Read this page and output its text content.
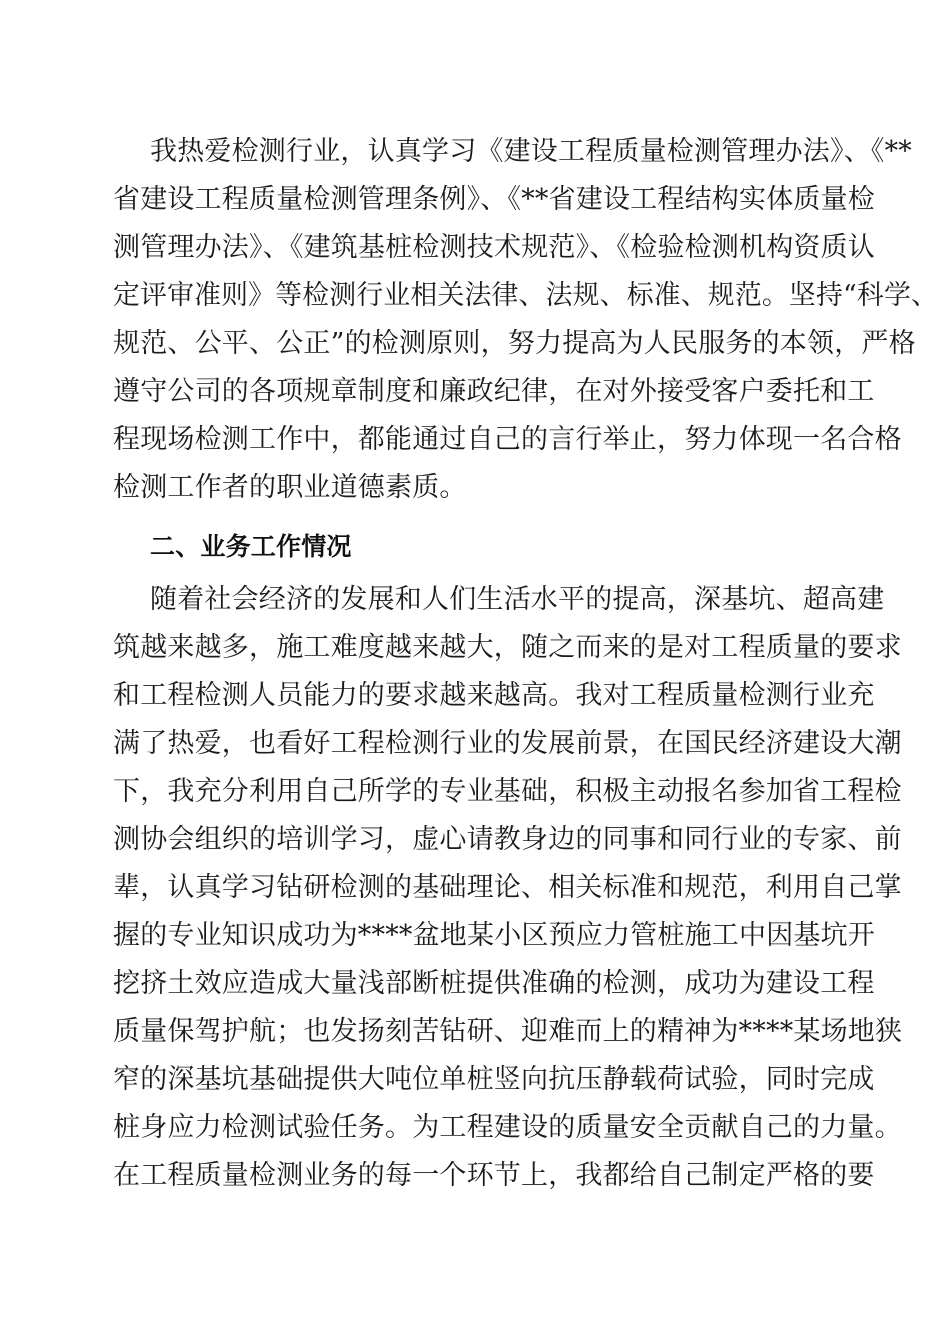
我热爱检测行业，认真学习《建设工程质量检测管理办法》、《**
省建设工程质量检测管理条例》、《**省建设工程结构实体质量检
测管理办法》、《建筑基桩检测技术规范》、《检验检测机构资质认
定评审准则》等检测行业相关法律、法规、标准、规范。坚持“科学、
规范、公平、公正”的检测原则，努力提高为人民服务的本领，严格
遵守公司的各项规章制度和廉政纪律，在对外接受客户委托和工
程现场检测工作中，都能通过自己的言行举止，努力体现一名合格
检测工作者的职业道德素质。
二、业务工作情况
随着社会经济的发展和人们生活水平的提高，深基坑、超高建
筑越来越多，施工难度越来越大，随之而来的是对工程质量的要求
和工程检测人员能力的要求越来越高。我对工程质量检测行业充
满了热爱，也看好工程检测行业的发展前景，在国民经济建设大潮
下，我充分利用自己所学的专业基础，积极主动报名参加省工程检
测协会组织的培训学习，虚心请教身边的同事和同行业的专家、前
辈，认真学习钻研检测的基础理论、相关标准和规范，利用自己掌
握的专业知识成功为****盆地某小区预应力管桩施工中因基坑开
挖挤土效应造成大量浅部断桩提供准确的检测，成功为建设工程
质量保驾护航；也发扬刻苦钻研、迎难而上的精神为****某场地狭
窄的深基坑基础提供大吨位单桩竖向抗压静载荷试验，同时完成
桩身应力检测试验任务。为工程建设的质量安全贡献自己的力量。
在工程质量检测业务的每一个环节上，我都给自己制定严格的要
